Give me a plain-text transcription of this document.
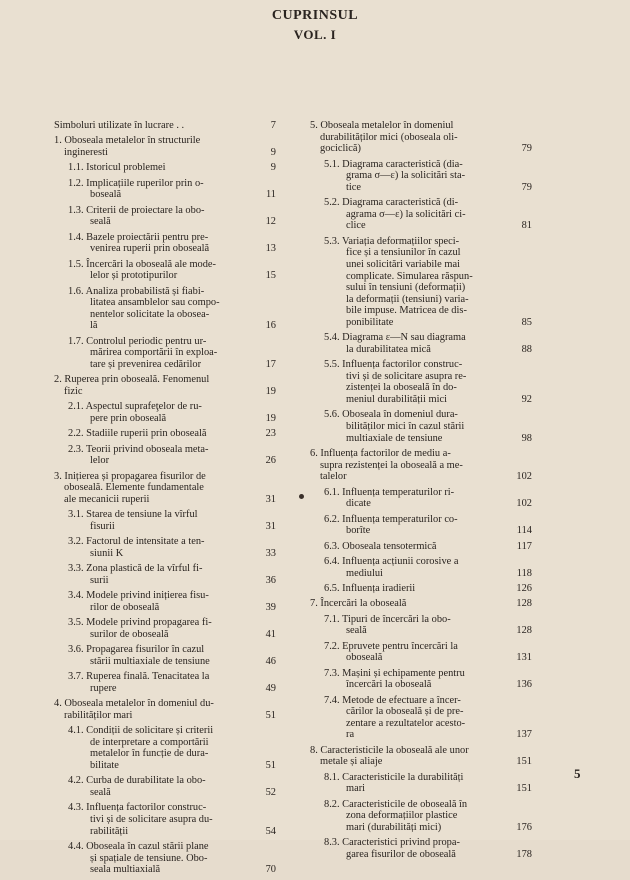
CUPRINSUL
VOL. I
Simboluri utilizate în lucrare . .	7
1. Oboseala metalelor în structurile
ingineresti	9
1.1. Istoricul problemei	9
1.2. Implicațiile ruperilor prin o-
boseală	11
1.3. Criterii de proiectare la obo-
seală	12
1.4. Bazele proiectării pentru pre-
venirea ruperii prin oboseală	13
1.5. Încercări la oboseală ale mode-
lelor și prototipurilor	15
1.6. Analiza probabilistă și fiabi-
litatea ansamblelor sau compo-
nentelor solicitate la obosea-
lă	16
1.7. Controlul periodic pentru ur-
mărirea comportării în exploa-
tare și prevenirea cedărilor	17
2. Ruperea prin oboseală. Fenomenul
fizic	19
2.1. Aspectul suprafeţelor de ru-
pere prin oboseală	19
2.2. Stadiile ruperii prin oboseală	23
2.3. Teorii privind oboseala meta-
lelor	26
3. Inițierea și propagarea fisurilor de
oboseală. Elemente fundamentale
ale mecanicii ruperii	31
3.1. Starea de tensiune la vîrful
fisurii	31
3.2. Factorul de intensitate a ten-
siunii K	33
3.3. Zona plastică de la vîrful fi-
surii	36
3.4. Modele privind inițierea fisu-
rilor de oboseală	39
3.5. Modele privind propagarea fi-
surilor de oboseală	41
3.6. Propagarea fisurilor în cazul
stării multiaxiale de tensiune	46
3.7. Ruperea finală. Tenacitatea la
rupere	49
4. Oboseala metalelor în domeniul du-
rabilităților mari	51
4.1. Condiții de solicitare și criterii
de interpretare a comportării
metalelor în funcție de dura-
bilitate	51
4.2. Curba de durabilitate la obo-
seală	52
4.3. Influența factorilor construc-
tivi și de solicitare asupra du-
rabilității	54
4.4. Oboseala în cazul stării plane
și spațiale de tensiune. Obo-
seala multiaxială	70
5. Oboseala metalelor în domeniul
durabilităților mici (oboseala oli-
gociclică)	79
5.1. Diagrama caracteristică (dia-
grama σ—ε) la solicitări sta-
tice	79
5.2. Diagrama caracteristică (di-
agrama σ—ε) la solicitări ci-
clice	81
5.3. Variația deformațiilor speci-
fice și a tensiunilor în cazul
unei solicitări variabile mai
complicate. Simularea răspun-
sului în tensiuni (deformații)
la deformații (tensiuni) varia-
bile impuse. Matricea de dis-
ponibilitate	85
5.4. Diagrama ε—N sau diagrama
la durabilitatea mică	88
5.5. Influența factorilor construc-
tivi și de solicitare asupra re-
zistenței la oboseală în do-
meniul durabilității mici	92
5.6. Oboseala în domeniul dura-
bilităților mici în cazul stării
multiaxiale de tensiune	98
6. Influența factorilor de mediu a-
supra rezistenței la oboseală a me-
talelor	102
6.1. Influența temperaturilor ri-
dicate	102
6.2. Influența temperaturilor co-
borîte	114
6.3. Oboseala tensotermică	117
6.4. Influența acțiunii corosive a
mediului	118
6.5. Influența iradierii	126
7. Încercări la oboseală	128
7.1. Tipuri de încercări la obo-
seală	128
7.2. Epruvete pentru încercări la
oboseală	131
7.3. Mașini și echipamente pentru
încercări la oboseală	136
7.4. Metode de efectuare a încer-
cărilor la oboseală și de pre-
zentare a rezultatelor acesto-
ra	137
8. Caracteristicile la oboseală ale unor
metale și aliaje	151
8.1. Caracteristicile la durabilități
mari	151
8.2. Caracteristicile de oboseală în
zona deformațiilor plastice
mari (durabilități mici)	176
8.3. Caracteristici privind propa-
garea fisurilor de oboseală	178
5
